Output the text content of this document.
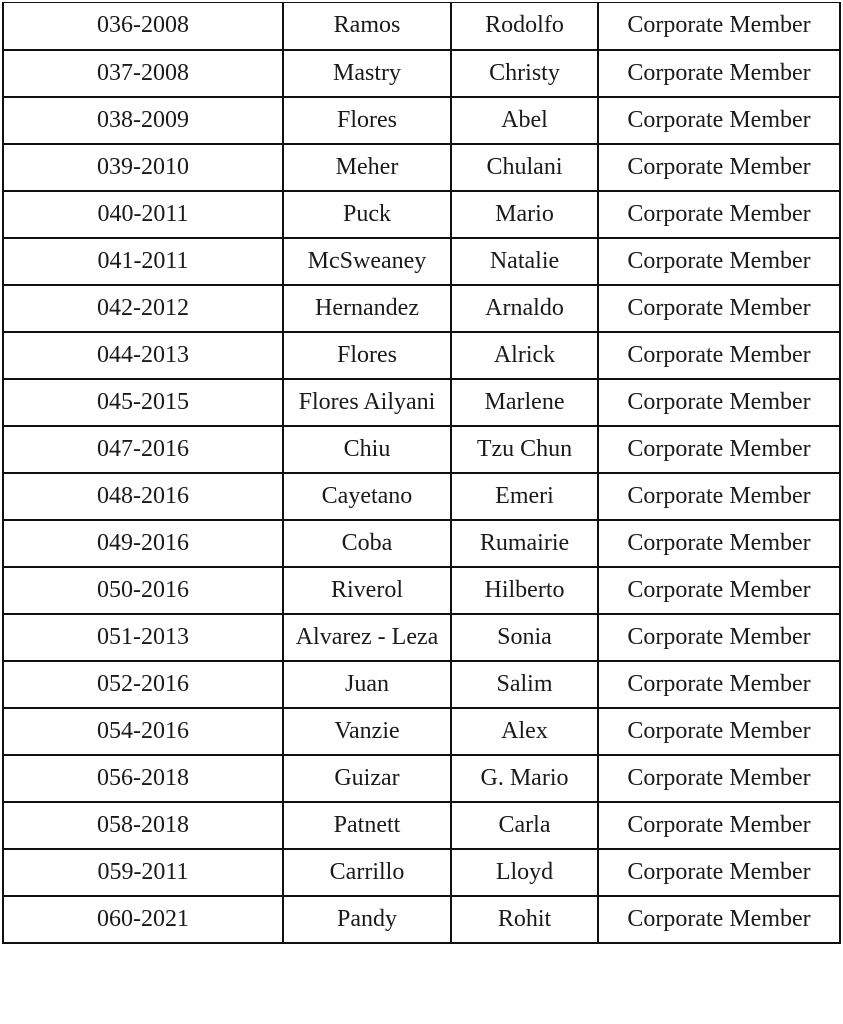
036-2008	Ramos	Rodolfo	Corporate Member
037-2008	Mastry	Christy	Corporate Member
038-2009	Flores	Abel	Corporate Member
039-2010	Meher	Chulani	Corporate Member
040-2011	Puck	Mario	Corporate Member
041-2011	McSweaney	Natalie	Corporate Member
042-2012	Hernandez	Arnaldo	Corporate Member
044-2013	Flores	Alrick	Corporate Member
045-2015	Flores Ailyani	Marlene	Corporate Member
047-2016	Chiu	Tzu Chun	Corporate Member
048-2016	Cayetano	Emeri	Corporate Member
049-2016	Coba	Rumairie	Corporate Member
050-2016	Riverol	Hilberto	Corporate Member
051-2013	Alvarez - Leza	Sonia	Corporate Member
052-2016	Juan	Salim	Corporate Member
054-2016	Vanzie	Alex	Corporate Member
056-2018	Guizar	G. Mario	Corporate Member
058-2018	Patnett	Carla	Corporate Member
059-2011	Carrillo	Lloyd	Corporate Member
060-2021	Pandy	Rohit	Corporate Member
